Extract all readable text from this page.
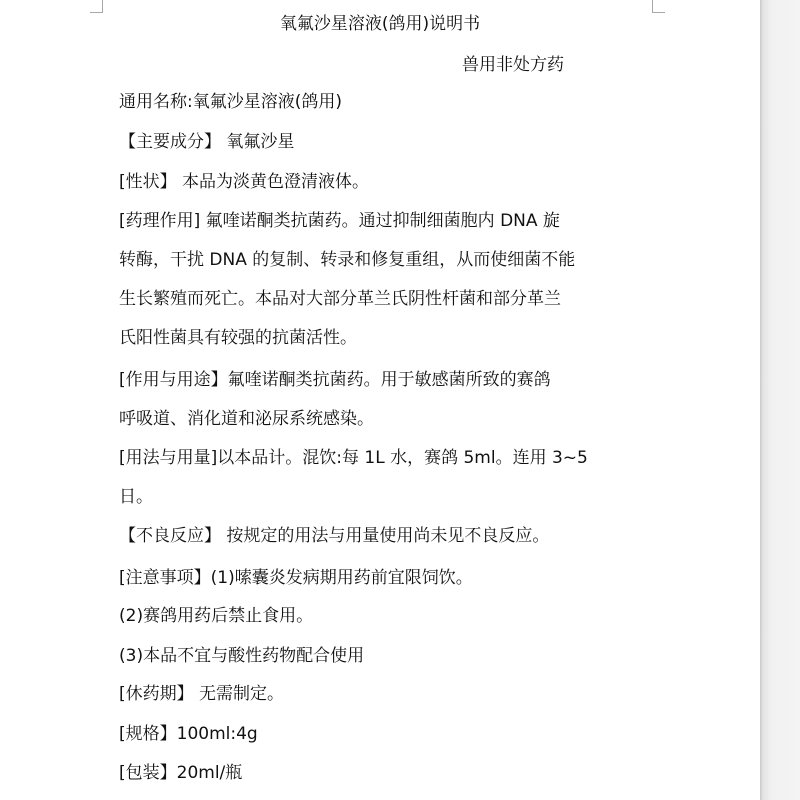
氧氟沙星溶液(鸽用)说明书
兽用非处方药
通用名称:氧氟沙星溶液(鸽用)
【主要成分】 氧氟沙星
[性状】 本品为淡黄色澄清液体。
[药理作用] 氟喹诺酮类抗菌药。通过抑制细菌胞内 DNA 旋
转酶，干扰 DNA 的复制、转录和修复重组，从而使细菌不能
生长繁殖而死亡。本品对大部分革兰氏阴性杆菌和部分革兰
氏阳性菌具有较强的抗菌活性。
[作用与用途】氟喹诺酮类抗菌药。用于敏感菌所致的赛鸽
呼吸道、消化道和泌尿系统感染。
[用法与用量]以本品计。混饮:每 1L 水，赛鸽 5ml。连用 3~5
日。
【不良反应】 按规定的用法与用量使用尚未见不良反应。
[注意事项】(1)嗦囊炎发病期用药前宜限饲饮。
(2)赛鸽用药后禁止食用。
(3)本品不宜与酸性药物配合使用
[休药期】 无需制定。
[规格】100ml:4g
[包装】20ml/瓶
